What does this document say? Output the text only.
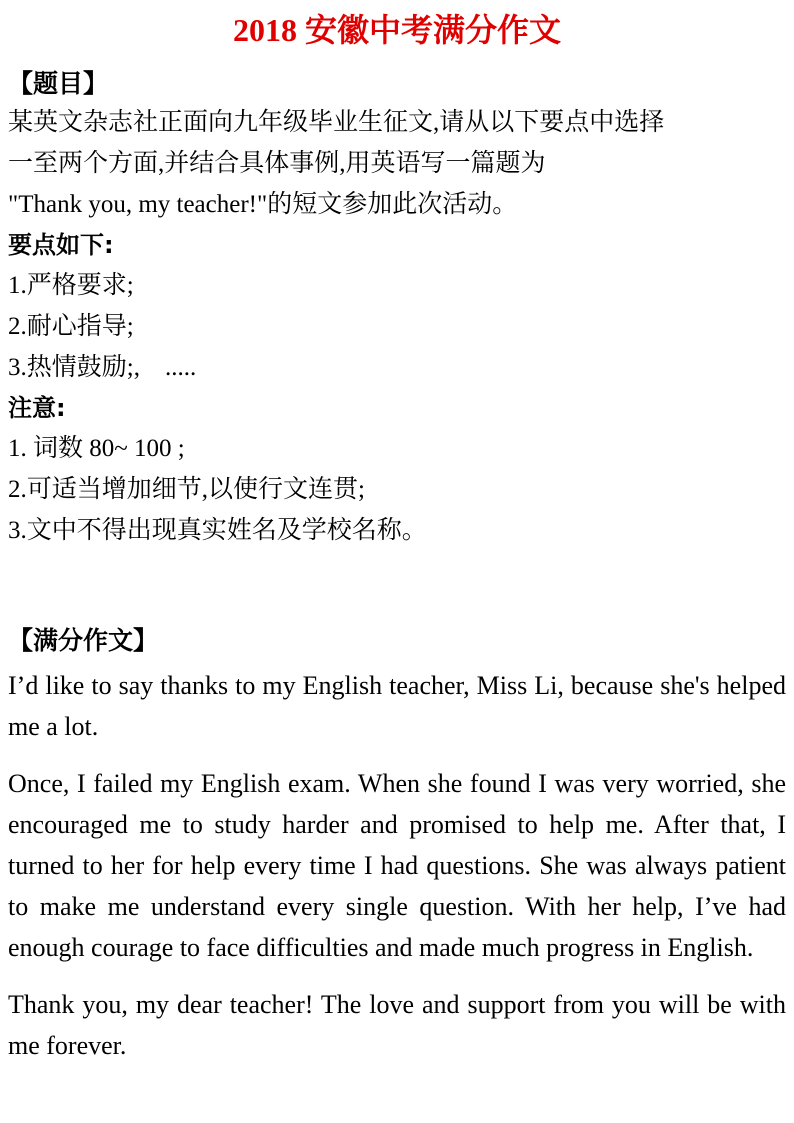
2018 安徽中考满分作文
【题目】
某英文杂志社正面向九年级毕业生征文,请从以下要点中选择
一至两个方面,并结合具体事例,用英语写一篇题为
"Thank you, my teacher!"的短文参加此次活动。
要点如下:
1.严格要求;
2.耐心指导;
3.热情鼓励;,　.....
注意:
1. 词数 80~ 100 ;
2.可适当增加细节,以使行文连贯;
3.文中不得出现真实姓名及学校名称。
【满分作文】
I’d like to say thanks to my English teacher, Miss Li, because she's helped me a lot.
Once, I failed my English exam. When she found I was very worried, she encouraged me to study harder and promised to help me. After that, I turned to her for help every time I had questions. She was always patient to make me understand every single question. With her help, I’ve had enough courage to face difficulties and made much progress in English.
Thank you, my dear teacher! The love and support from you will be with me forever.
